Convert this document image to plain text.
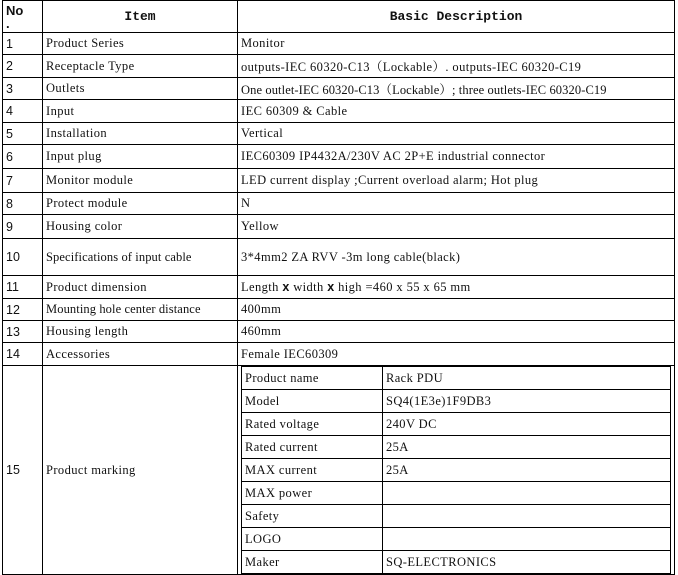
No
.	Item	Basic Description
1	Product Series	Monitor
2	Receptacle Type	outputs-IEC 60320-C13（Lockable）. outputs-IEC 60320-C19
3	Outlets	One outlet-IEC 60320-C13（Lockable）; three outlets-IEC 60320-C19
4	Input	IEC 60309 & Cable
5	Installation	Vertical
6	Input plug	IEC60309 IP4432A/230V AC 2P+E industrial connector
7	Monitor module	LED current display ;Current overload alarm; Hot plug
8	Protect module	N
9	Housing color	Yellow
10	Specifications of input cable	3*4mm2 ZA RVV -3m long cable(black)
11	Product dimension	Length x width x high =460 x 55 x 65 mm
12	Mounting hole center distance	400mm
13	Housing length	460mm
14	Accessories	Female IEC60309
15	Product marking	
Product name	Rack PDU
Model	SQ4(1E3e)1F9DB3
Rated voltage	240V DC
Rated current	25A
MAX current	25A
MAX power	
Safety	
LOGO	
Maker	SQ-ELECTRONICS
